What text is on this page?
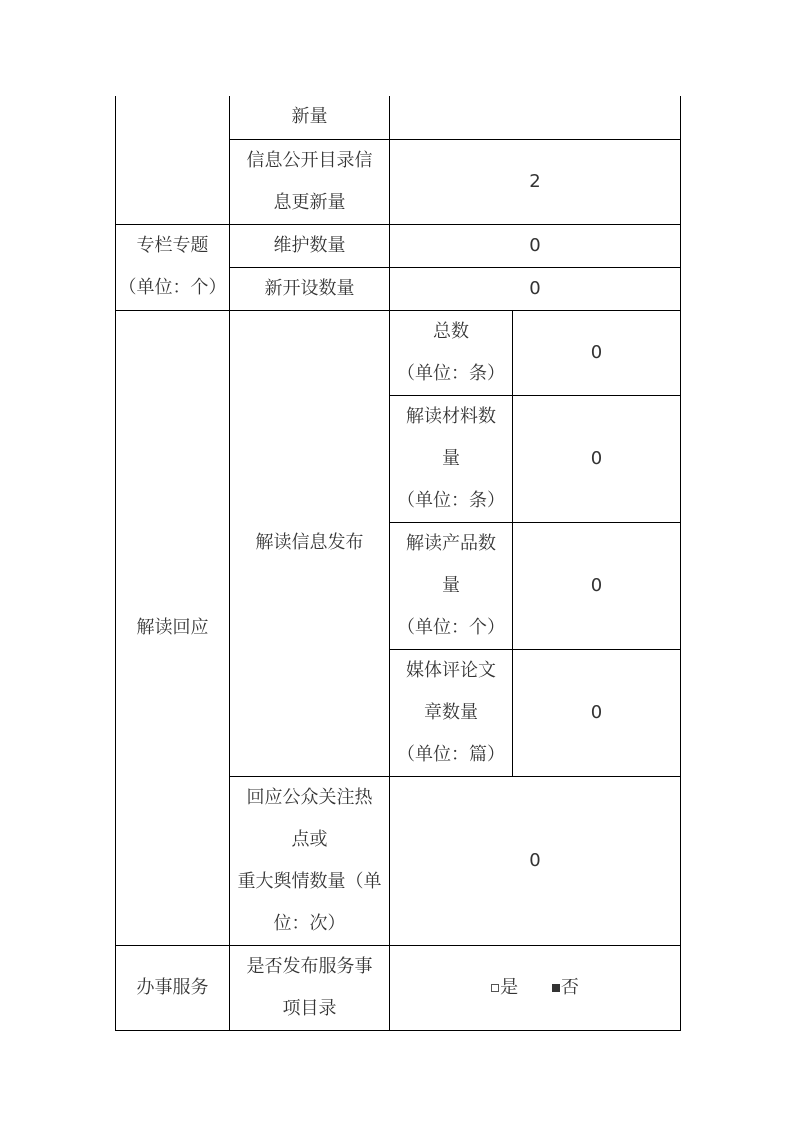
	新量		

	信息公开目录信
息更新量	2	

专栏专题
（单位：个）	维护数量	0	
	新开设数量	0	
解读回应	解读信息发布	总数
（单位：条）	0

		解读材料数
量
（单位：条）	0

		解读产品数
量
（单位：个）	0

		媒体评论文
章数量
（单位：篇）	0

	回应公众关注热
点或
重大舆情数量（单
位：次）	0	
办事服务	是否发布服务事
项目录	是 否	
